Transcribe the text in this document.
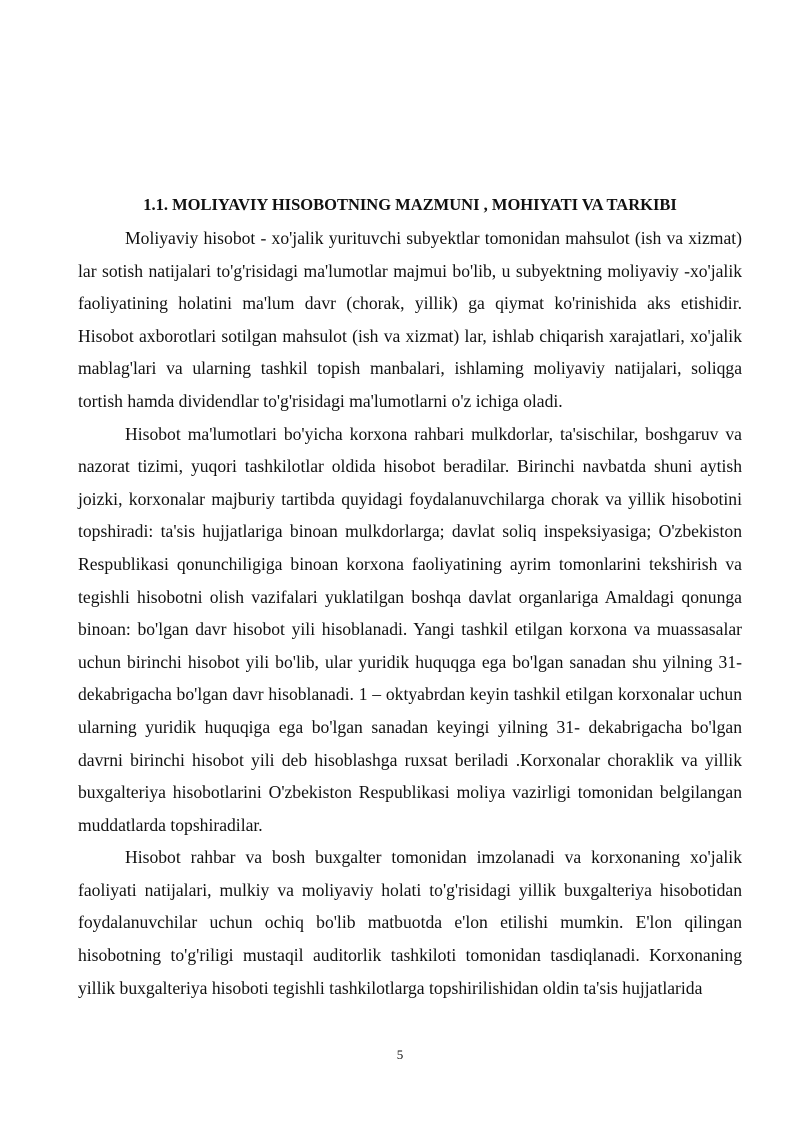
1.1. MOLIYAVIY HISOBOTNING MAZMUNI , MOHIYATI VA TARKIBI

Moliyaviy hisobot - xo'jalik yurituvchi subyektlar tomonidan mahsulot (ish va xizmat) lar sotish natijalari to'g'risidagi ma'lumotlar majmui bo'lib, u subyektning moliyaviy -xo'jalik faoliyatining holatini ma'lum davr (chorak, yillik) ga qiymat ko'rinishida aks etishidir. Hisobot axborotlari sotilgan mahsulot (ish va xizmat) lar, ishlab chiqarish xarajatlari, xo'jalik mablag'lari va ularning tashkil topish manbalari, ishlaming moliyaviy natijalari, soliqga tortish hamda dividendlar to'g'risidagi ma'lumotlarni o'z ichiga oladi.

Hisobot ma'lumotlari bo'yicha korxona rahbari mulkdorlar, ta'sischilar, boshgaruv va nazorat tizimi, yuqori tashkilotlar oldida hisobot beradilar. Birinchi navbatda shuni aytish joizki, korxonalar majburiy tartibda quyidagi foydalanuvchilarga chorak va yillik hisobotini topshiradi: ta'sis hujjatlariga binoan mulkdorlarga; davlat soliq inspeksiyasiga; O'zbekiston Respublikasi qonunchiligiga binoan korxona faoliyatining ayrim tomonlarini tekshirish va tegishli hisobotni olish vazifalari yuklatilgan boshqa davlat organlariga Amaldagi qonunga binoan: bo'lgan davr hisobot yili hisoblanadi. Yangi tashkil etilgan korxona va muassasalar uchun birinchi hisobot yili bo'lib, ular yuridik huquqga ega bo'lgan sanadan shu yilning 31- dekabrigacha bo'lgan davr hisoblanadi. 1 – oktyabrdan keyin tashkil etilgan korxonalar uchun ularning yuridik huquqiga ega bo'lgan sanadan keyingi yilning 31- dekabrigacha bo'lgan davrni birinchi hisobot yili deb hisoblashga ruxsat beriladi .Korxonalar choraklik va yillik buxgalteriya hisobotlarini O'zbekiston Respublikasi moliya vazirligi tomonidan belgilangan muddatlarda topshiradilar.

Hisobot rahbar va bosh buxgalter tomonidan imzolanadi va korxonaning xo'jalik faoliyati natijalari, mulkiy va moliyaviy holati to'g'risidagi yillik buxgalteriya hisobotidan foydalanuvchilar uchun ochiq bo'lib matbuotda e'lon etilishi mumkin. E'lon qilingan hisobotning to'g'riligi mustaqil auditorlik tashkiloti tomonidan tasdiqlanadi. Korxonaning yillik buxgalteriya hisoboti tegishli tashkilotlarga topshirilishidan oldin ta'sis hujjatlarida

5
